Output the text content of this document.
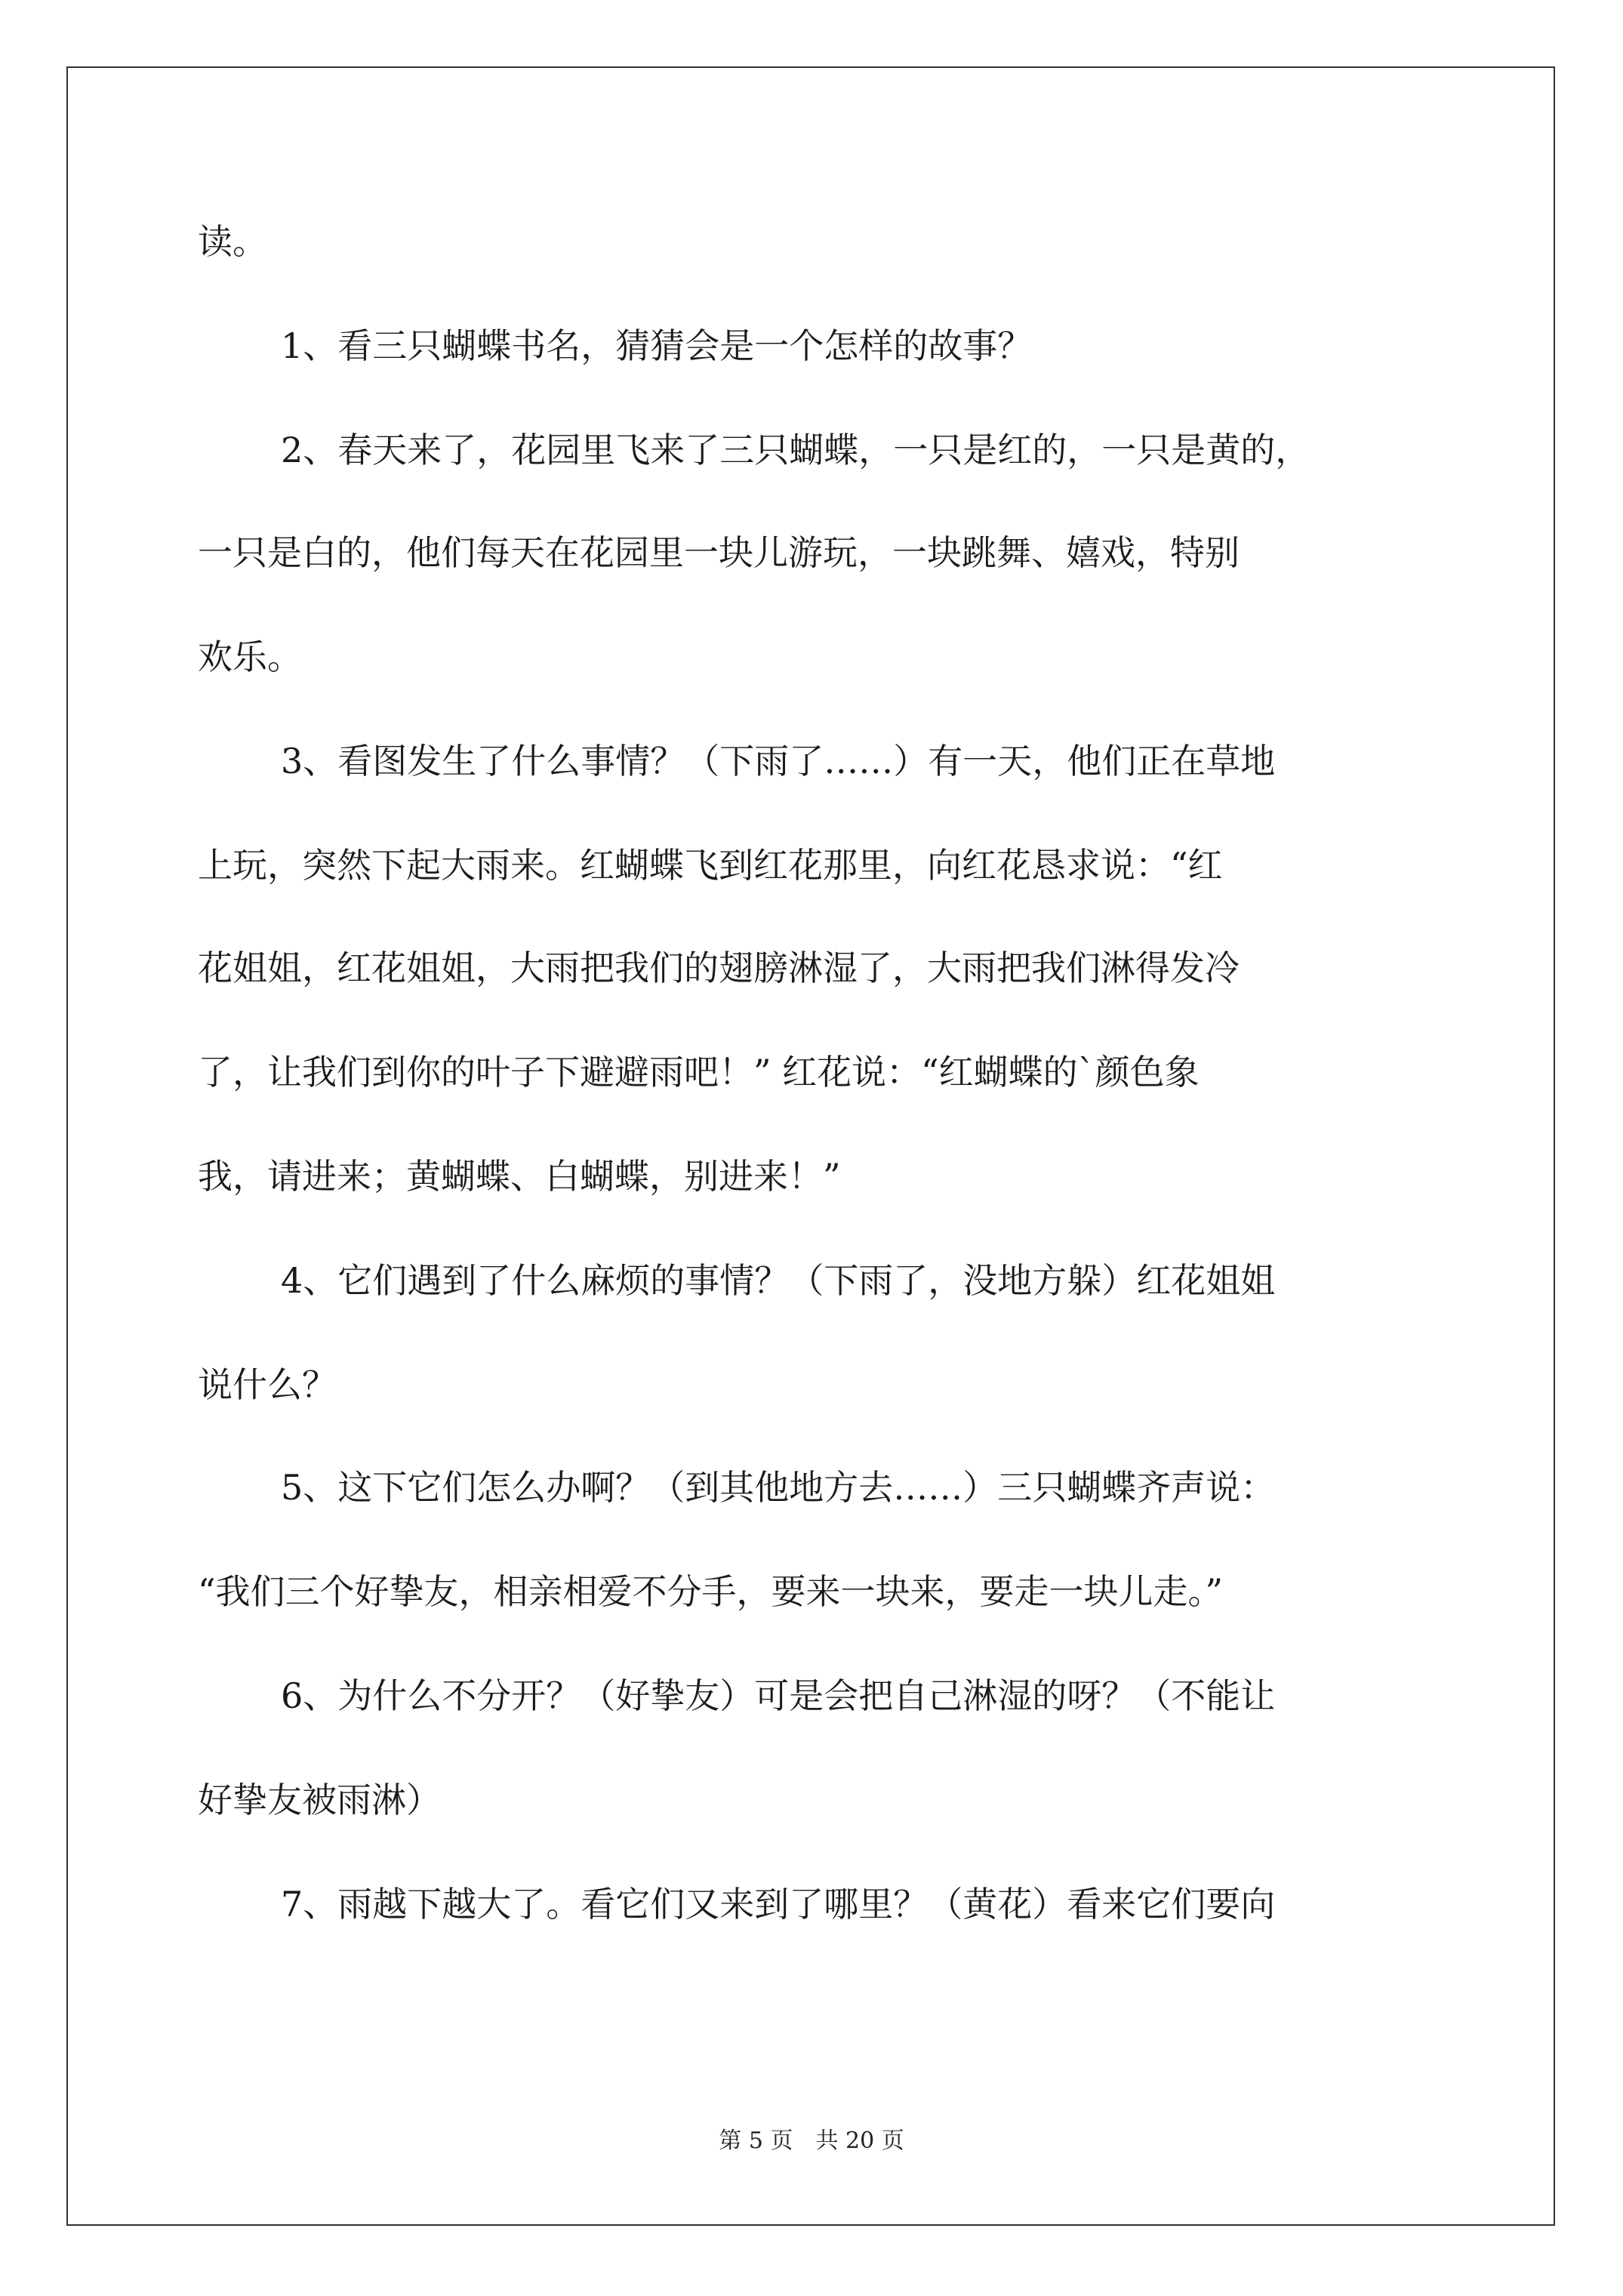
读。
1、看三只蝴蝶书名，猜猜会是一个怎样的故事？
2、春天来了，花园里飞来了三只蝴蝶，一只是红的，一只是黄的，
一只是白的，他们每天在花园里一块儿游玩，一块跳舞、嬉戏，特别
欢乐。
3、看图发生了什么事情？（下雨了……）有一天，他们正在草地
上玩，突然下起大雨来。红蝴蝶飞到红花那里，向红花恳求说：“红
花姐姐，红花姐姐，大雨把我们的翅膀淋湿了，大雨把我们淋得发冷
了，让我们到你的叶子下避避雨吧！” 红花说：“红蝴蝶的`颜色象
我，请进来；黄蝴蝶、白蝴蝶，别进来！”
4、它们遇到了什么麻烦的事情？（下雨了，没地方躲）红花姐姐
说什么？
5、这下它们怎么办啊？（到其他地方去……）三只蝴蝶齐声说：
“我们三个好挚友，相亲相爱不分手，要来一块来，要走一块儿走。”
6、为什么不分开？（好挚友）可是会把自己淋湿的呀？（不能让
好挚友被雨淋）
7、雨越下越大了。看它们又来到了哪里？（黄花）看来它们要向
第 5 页　共 20 页
